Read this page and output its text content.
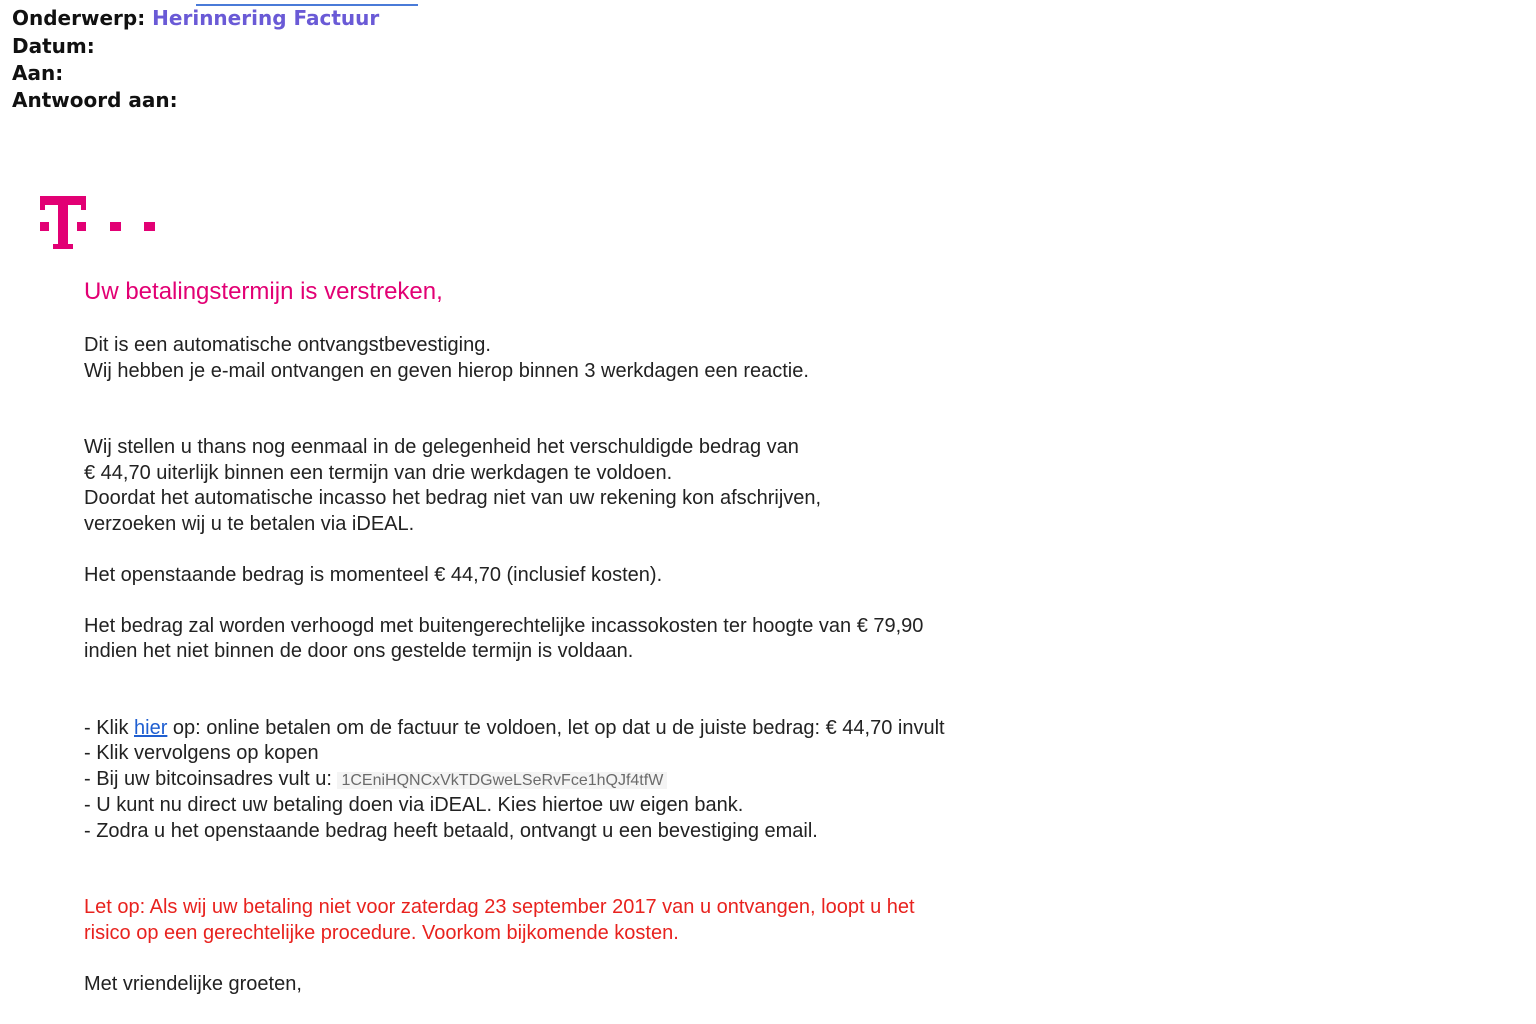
Onderwerp: Herinnering Factuur
Datum:
Aan:
Antwoord aan:

Uw betalingstermijn is verstreken,

Dit is een automatische ontvangstbevestiging.

Wij hebben je e-mail ontvangen en geven hierop binnen 3 werkdagen een reactie.

Wij stellen u thans nog eenmaal in de gelegenheid het verschuldigde bedrag van

€ 44,70 uiterlijk binnen een termijn van drie werkdagen te voldoen.

Doordat het automatische incasso het bedrag niet van uw rekening kon afschrijven,

verzoeken wij u te betalen via iDEAL.

Het openstaande bedrag is momenteel € 44,70 (inclusief kosten).

Het bedrag zal worden verhoogd met buitengerechtelijke incassokosten ter hoogte van € 79,90

indien het niet binnen de door ons gestelde termijn is voldaan.

- Klik hier op: online betalen om de factuur te voldoen, let op dat u de juiste bedrag: € 44,70 invult

- Klik vervolgens op kopen

- Bij uw bitcoinsadres vult u: 1CEniHQNCxVkTDGweLSeRvFce1hQJf4tfW

- U kunt nu direct uw betaling doen via iDEAL. Kies hiertoe uw eigen bank.

- Zodra u het openstaande bedrag heeft betaald, ontvangt u een bevestiging email.

Let op: Als wij uw betaling niet voor zaterdag 23 september 2017 van u ontvangen, loopt u het

risico op een gerechtelijke procedure. Voorkom bijkomende kosten.

Met vriendelijke groeten,
